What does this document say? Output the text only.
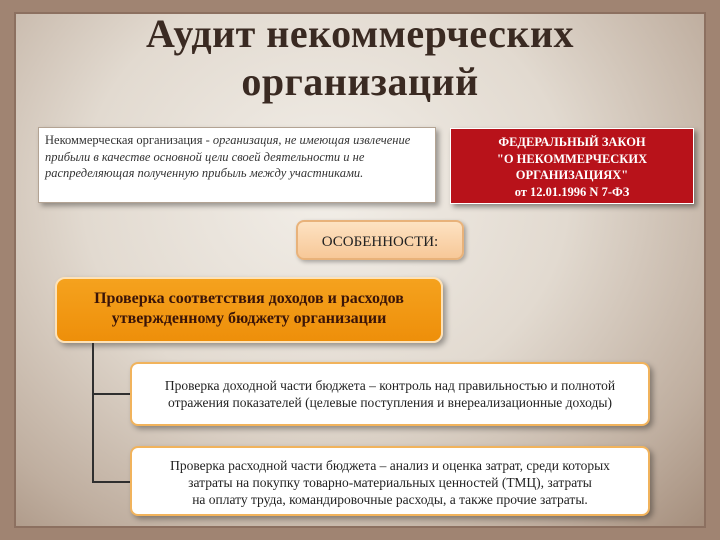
Аудит некоммерческих
организаций
Некоммерческая организация - организация, не имеющая извлечение прибыли в качестве основной цели своей деятельности и не распределяющая полученную прибыль между участниками.
ФЕДЕРАЛЬНЫЙ ЗАКОН
"О НЕКОММЕРЧЕСКИХ
ОРГАНИЗАЦИЯХ"
от 12.01.1996 N 7-ФЗ
ОСОБЕННОСТИ:
Проверка соответствия доходов и расходов
утвержденному бюджету организации
Проверка доходной части бюджета – контроль над правильностью и полнотой
отражения показателей (целевые поступления и внереализационные доходы)
Проверка расходной части бюджета – анализ и оценка затрат, среди которых
затраты на покупку товарно-материальных ценностей (ТМЦ), затраты
на оплату труда, командировочные расходы, а также прочие затраты.
